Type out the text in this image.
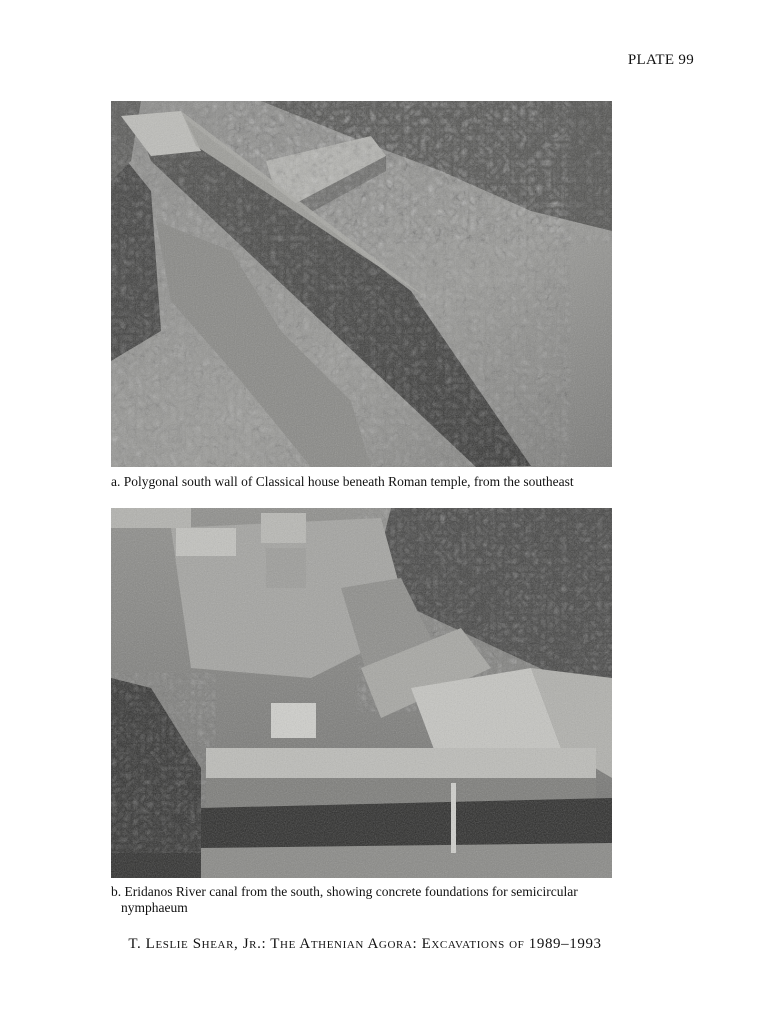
PLATE 99
a. Polygonal south wall of Classical house beneath Roman temple, from the southeast
b. Eridanos River canal from the south, showing concrete foundations for semicircular nymphaeum
T. Leslie Shear, Jr.: The Athenian Agora: Excavations of 1989–1993
